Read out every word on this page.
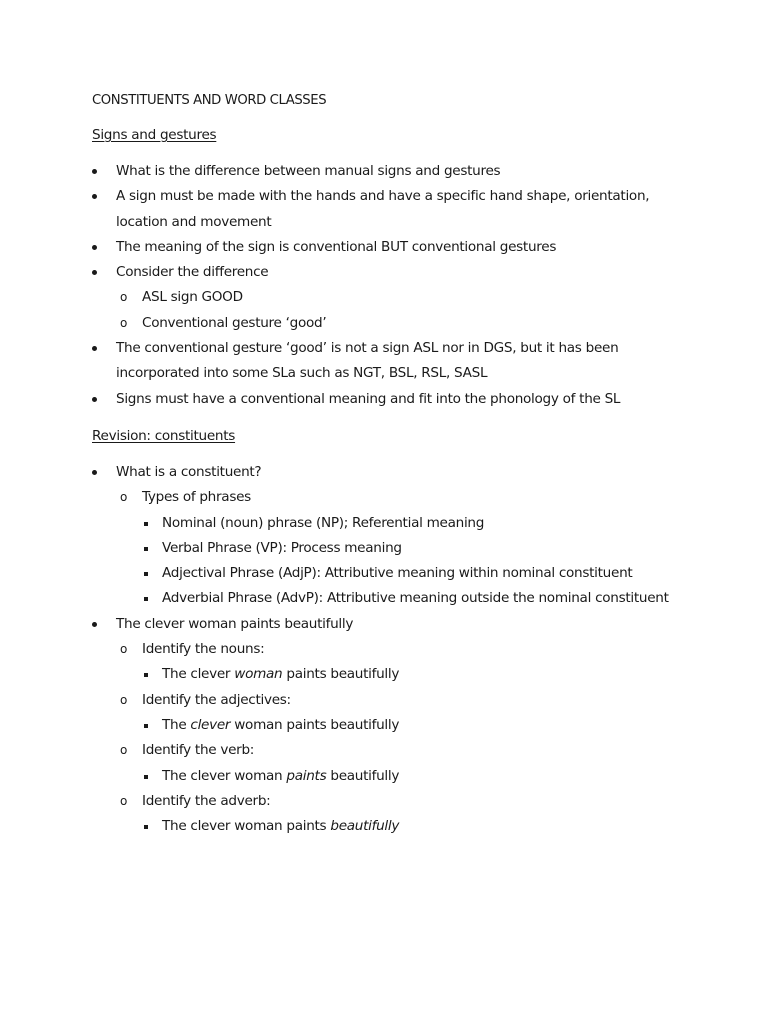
CONSTITUENTS AND WORD CLASSES
Signs and gestures
What is the difference between manual signs and gestures
A sign must be made with the hands and have a specific hand shape, orientation, location and movement
The meaning of the sign is conventional BUT conventional gestures
Consider the difference
o ASL sign GOOD
o Conventional gesture ‘good’
The conventional gesture ‘good’ is not a sign ASL nor in DGS, but it has been incorporated into some SLa such as NGT, BSL, RSL, SASL
Signs must have a conventional meaning and fit into the phonology of the SL
Revision: constituents
What is a constituent?
o Types of phrases
Nominal (noun) phrase (NP); Referential meaning
Verbal Phrase (VP): Process meaning
Adjectival Phrase (AdjP): Attributive meaning within nominal constituent
Adverbial Phrase (AdvP): Attributive meaning outside the nominal constituent
The clever woman paints beautifully
o Identify the nouns:
The clever woman paints beautifully
o Identify the adjectives:
The clever woman paints beautifully
o Identify the verb:
The clever woman paints beautifully
o Identify the adverb:
The clever woman paints beautifully
